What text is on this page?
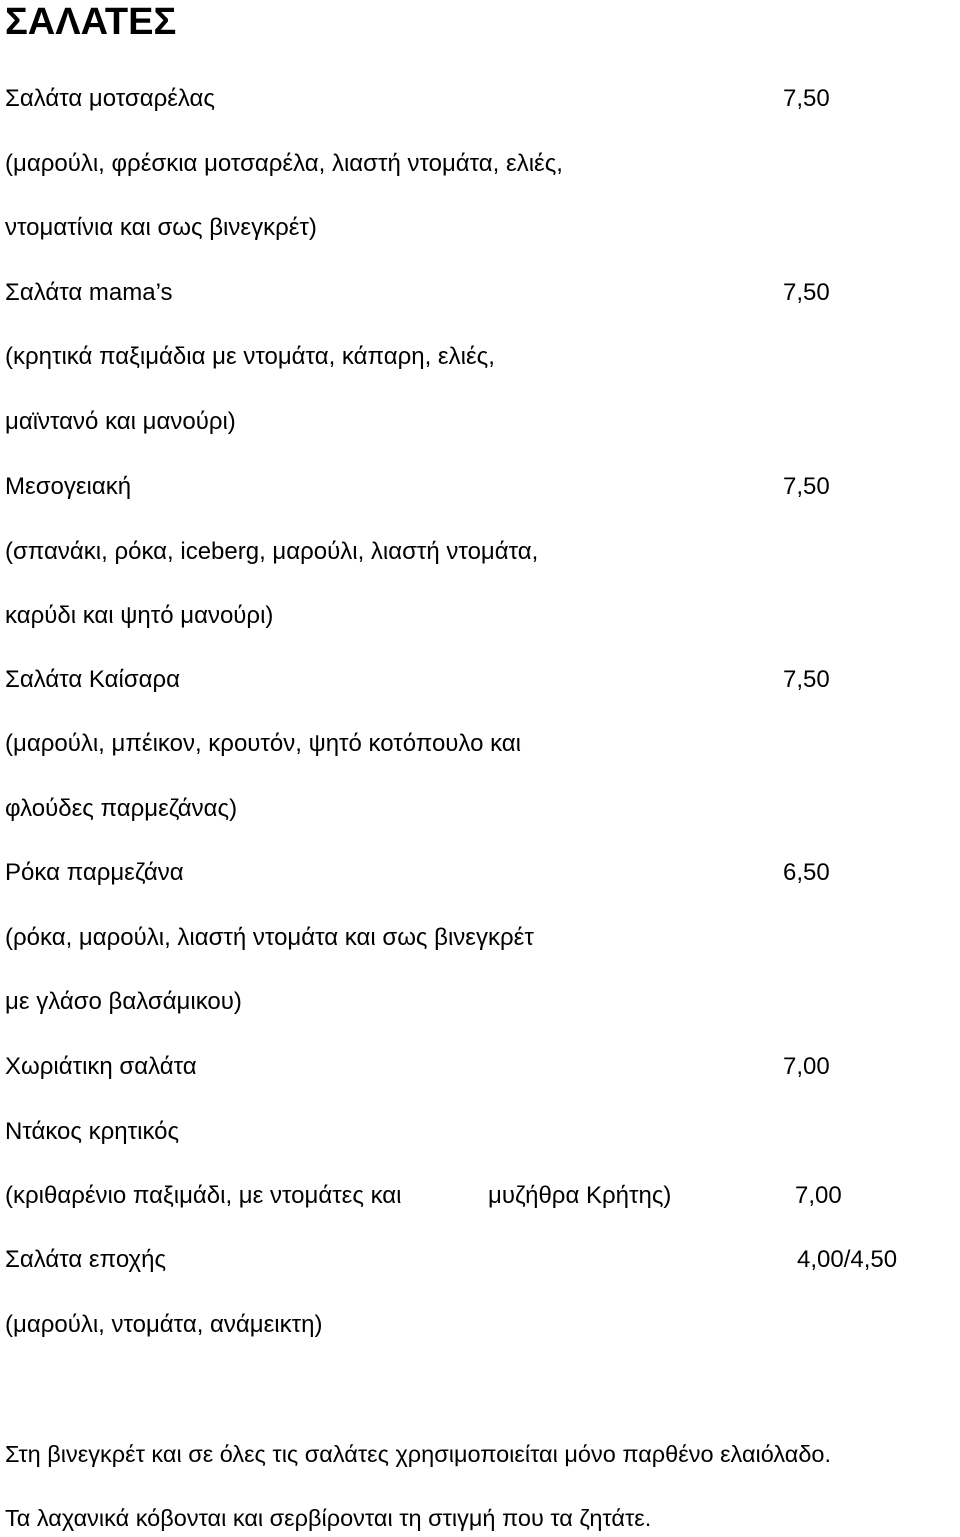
ΣΑΛΑΤΕΣ
Σαλάτα μοτσαρέλας	7,50
(μαρούλι, φρέσκια μοτσαρέλα, λιαστή ντομάτα, ελιές,
ντοματίνια και σως βινεγκρέτ)
Σαλάτα mama’s	7,50
(κρητικά παξιμάδια με ντομάτα, κάπαρη, ελιές,
μαϊντανό και μανούρι)
Μεσογειακή	7,50
(σπανάκι, ρόκα, iceberg, μαρούλι, λιαστή ντομάτα,
καρύδι και ψητό μανούρι)
Σαλάτα Καίσαρα	7,50
(μαρούλι, μπέικον, κρουτόν, ψητό κοτόπουλο και
φλούδες παρμεζάνας)
Ρόκα παρμεζάνα	6,50
(ρόκα, μαρούλι, λιαστή ντομάτα και σως βινεγκρέτ
με γλάσο βαλσάμικου)
Χωριάτικη σαλάτα	7,00
Ντάκος κρητικός
(κριθαρένιο παξιμάδι, με ντομάτες και	μυζήθρα Κρήτης)	7,00
Σαλάτα εποχής	4,00/4,50
(μαρούλι, ντομάτα, ανάμεικτη)
Στη βινεγκρέτ και σε όλες τις σαλάτες χρησιμοποιείται μόνο παρθένο ελαιόλαδο.
Τα λαχανικά κόβονται και σερβίρονται τη στιγμή που τα ζητάτε.
